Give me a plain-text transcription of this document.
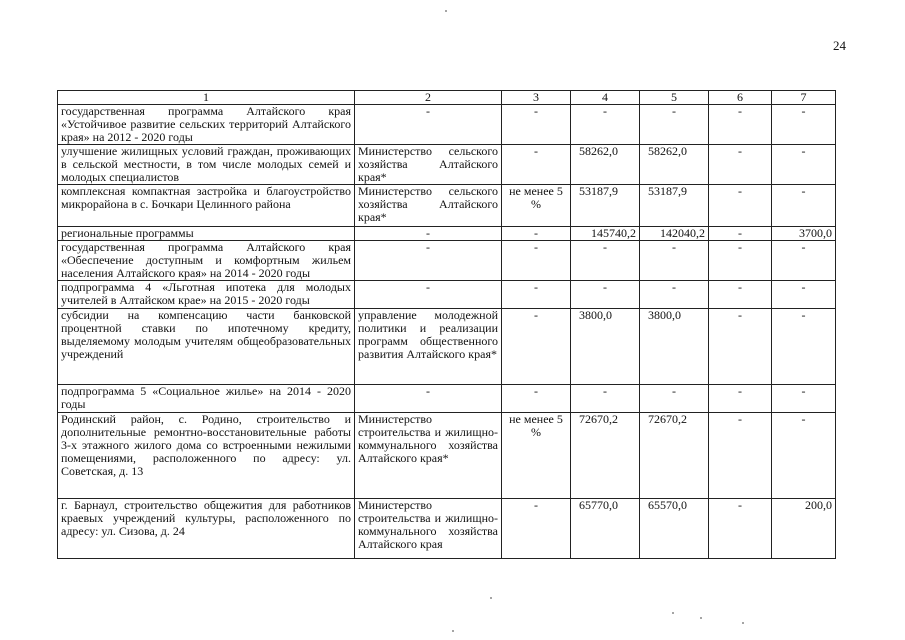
24
1	2	3	4	5	6	7
государственная программа Алтайского края «Устойчивое развитие сельских территорий Алтайского края» на 2012 - 2020 годы	-	-	-	-	-	-
улучшение жилищных условий граждан, проживающих в сельской местности, в том числе молодых семей и молодых специалистов	Министерство сельского хозяйства Алтайского края*	-	58262,0	58262,0	-	-
комплексная компактная застройка и благоустройство микрорайона в с. Бочкари Целинного района	Министерство сельского хозяйства Алтайского края*	не менее 5 %	53187,9	53187,9	-	-
региональные программы	-	-	145740,2	142040,2	-	3700,0
государственная программа Алтайского края «Обеспечение доступным и комфортным жильем населения Алтайского края» на 2014 - 2020 годы	-	-	-	-	-	-
подпрограмма 4 «Льготная ипотека для молодых учителей в Алтайском крае» на 2015 - 2020 годы	-	-	-	-	-	-
субсидии на компенсацию части банковской процентной ставки по ипотечному кредиту, выделяемому молодым учителям общеобразовательных учреждений	управление молодежной политики и реализации программ общественного развития Алтайского края*	-	3800,0	3800,0	-	-
подпрограмма 5 «Социальное жилье» на 2014 - 2020 годы	-	-	-	-	-	-
Родинский район, с. Родино, строительство и дополнительные ремонтно-восстановительные работы 3-х этажного жилого дома со встроенными нежилыми помещениями, расположенного по адресу: ул. Советская, д. 13	Министерство строительства и жилищно-коммунального хозяйства Алтайского края*	не менее 5 %	72670,2	72670,2	-	-
г. Барнаул, строительство общежития для работников краевых учреждений культуры, расположенного по адресу: ул. Сизова, д. 24	Министерство строительства и жилищно-коммунального хозяйства Алтайского края	-	65770,0	65570,0	-	200,0
